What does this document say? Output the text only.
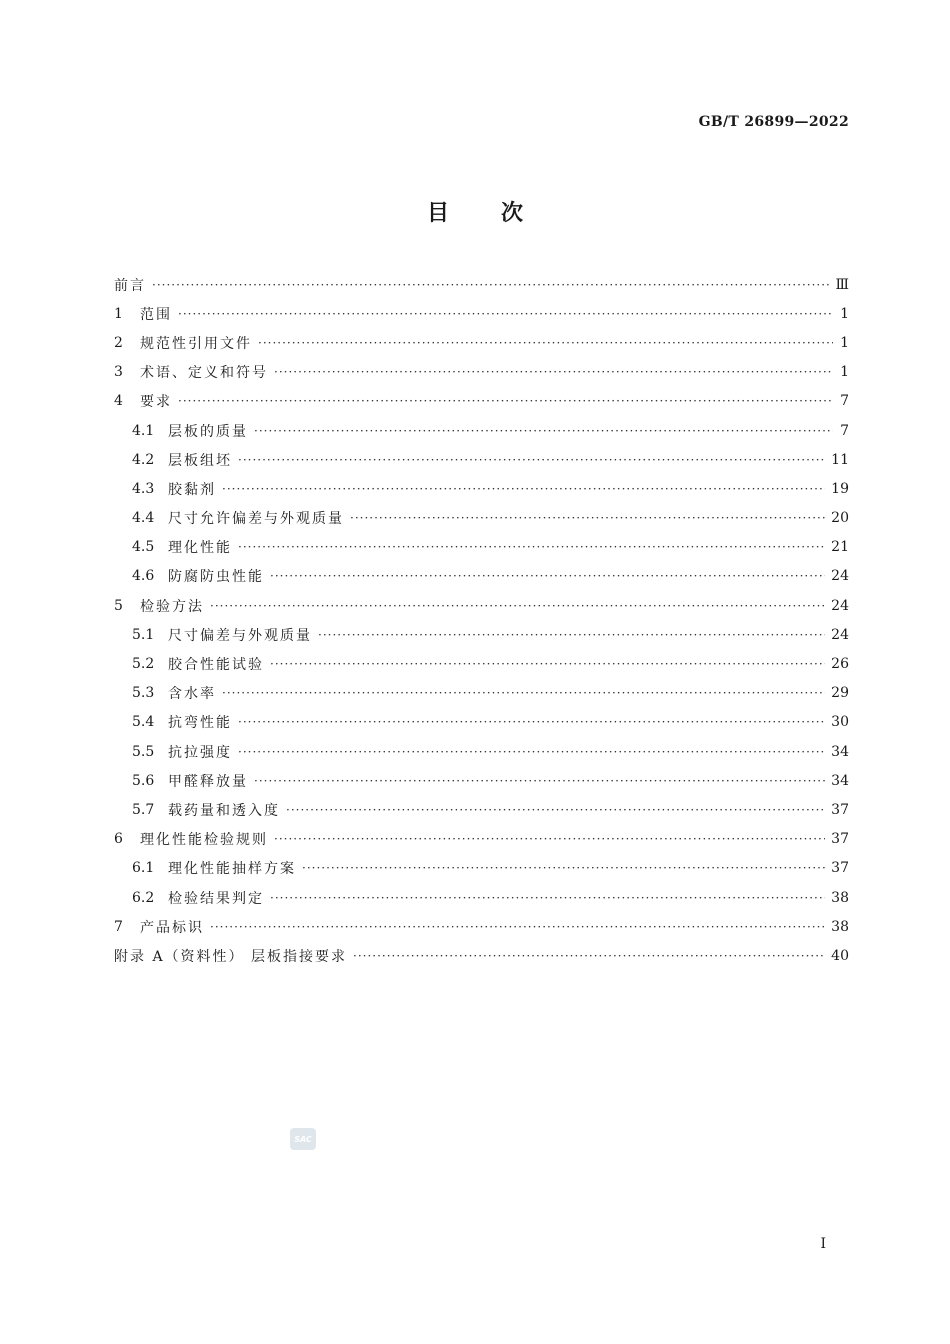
GB/T 26899—2022
目 次
前言 ·····	Ⅲ
1	范围 ·····	1
2	规范性引用文件 ·····	1
3	术语、定义和符号 ·····	1
4	要求 ·····	7
4.1 层板的质量 ·····	7
4.2 层板组坯 ·····	11
4.3 胶黏剂 ·····	19
4.4 尺寸允许偏差与外观质量 ·····	20
4.5 理化性能 ·····	21
4.6 防腐防虫性能 ·····	24
5	检验方法 ·····	24
5.1 尺寸偏差与外观质量 ·····	24
5.2 胶合性能试验 ·····	26
5.3 含水率 ·····	29
5.4 抗弯性能 ·····	30
5.5 抗拉强度 ·····	34
5.6 甲醛释放量 ·····	34
5.7 载药量和透入度 ·····	37
6	理化性能检验规则 ·····	37
6.1 理化性能抽样方案 ·····	37
6.2 检验结果判定 ·····	38
7	产品标识 ·····	38
附录 A（资料性） 层板指接要求 ·····	40
SAC
Ⅰ
